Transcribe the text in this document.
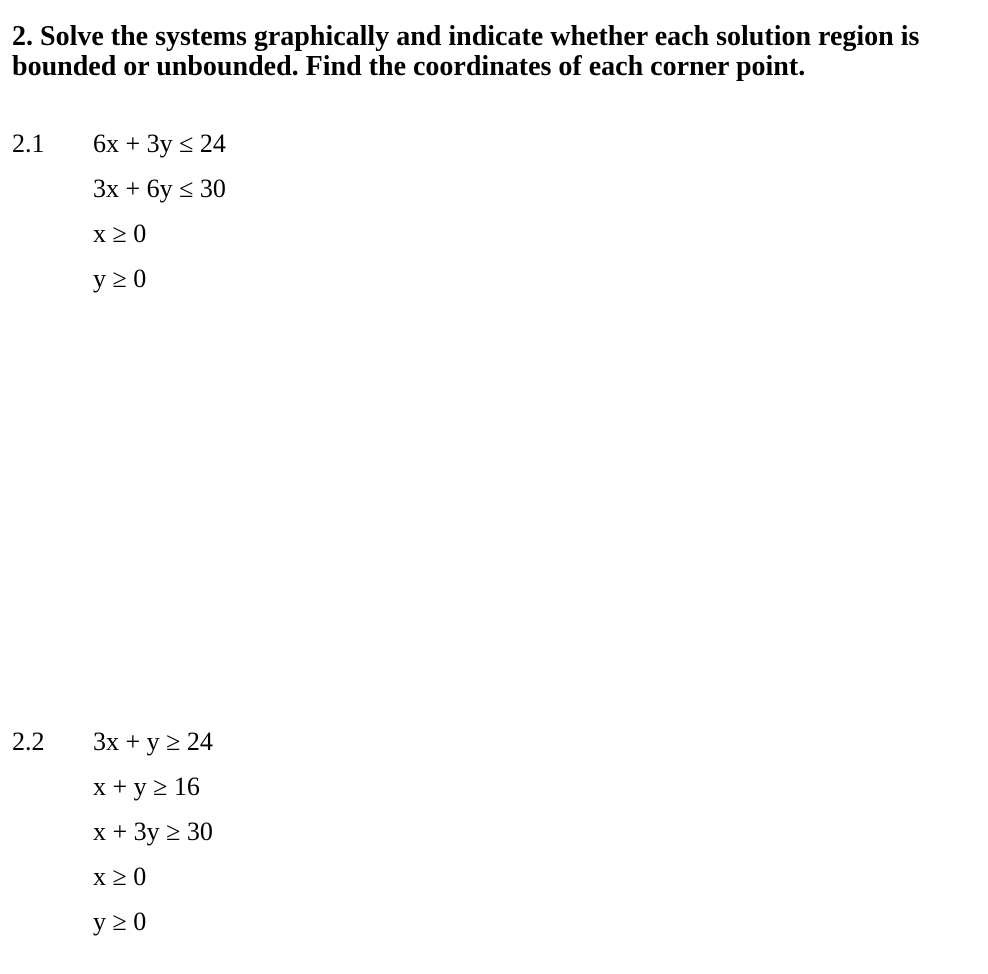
2. Solve the systems graphically and indicate whether each solution region is
bounded or unbounded. Find the coordinates of each corner point.
2.1 6x + 3y ≤ 24
3x + 6y ≤ 30
x ≥ 0
y ≥ 0
2.2 3x + y ≥ 24
x + y ≥ 16
x + 3y ≥ 30
x ≥ 0
y ≥ 0
